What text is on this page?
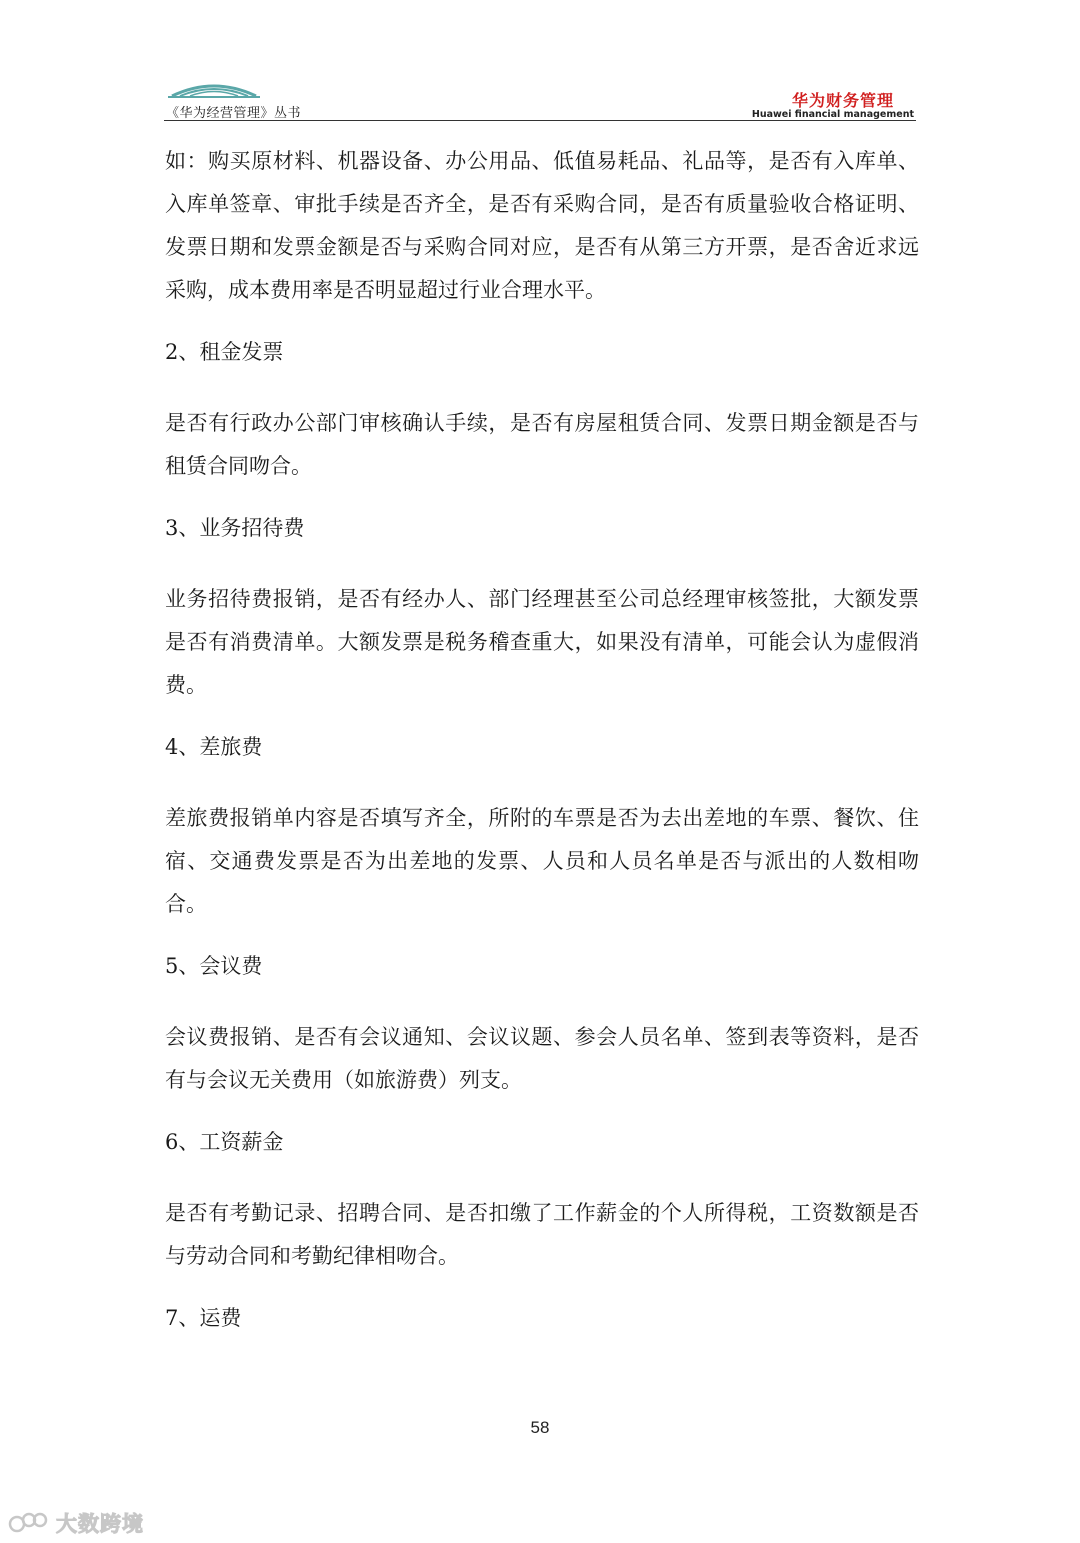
《华为经营管理》丛书
华为财务管理
Huawei financial management

如：购买原材料、机器设备、办公用品、低值易耗品、礼品等，是否有入库单、入库单签章、审批手续是否齐全，是否有采购合同，是否有质量验收合格证明、发票日期和发票金额是否与采购合同对应，是否有从第三方开票，是否舍近求远采购，成本费用率是否明显超过行业合理水平。

2、租金发票

是否有行政办公部门审核确认手续，是否有房屋租赁合同、发票日期金额是否与租赁合同吻合。

3、业务招待费

业务招待费报销，是否有经办人、部门经理甚至公司总经理审核签批，大额发票是否有消费清单。大额发票是税务稽查重大，如果没有清单，可能会认为虚假消费。

4、差旅费

差旅费报销单内容是否填写齐全，所附的车票是否为去出差地的车票、餐饮、住宿、交通费发票是否为出差地的发票、人员和人员名单是否与派出的人数相吻合。

5、会议费

会议费报销、是否有会议通知、会议议题、参会人员名单、签到表等资料，是否有与会议无关费用（如旅游费）列支。

6、工资薪金

是否有考勤记录、招聘合同、是否扣缴了工作薪金的个人所得税，工资数额是否与劳动合同和考勤纪律相吻合。

7、运费

58
大数跨境
